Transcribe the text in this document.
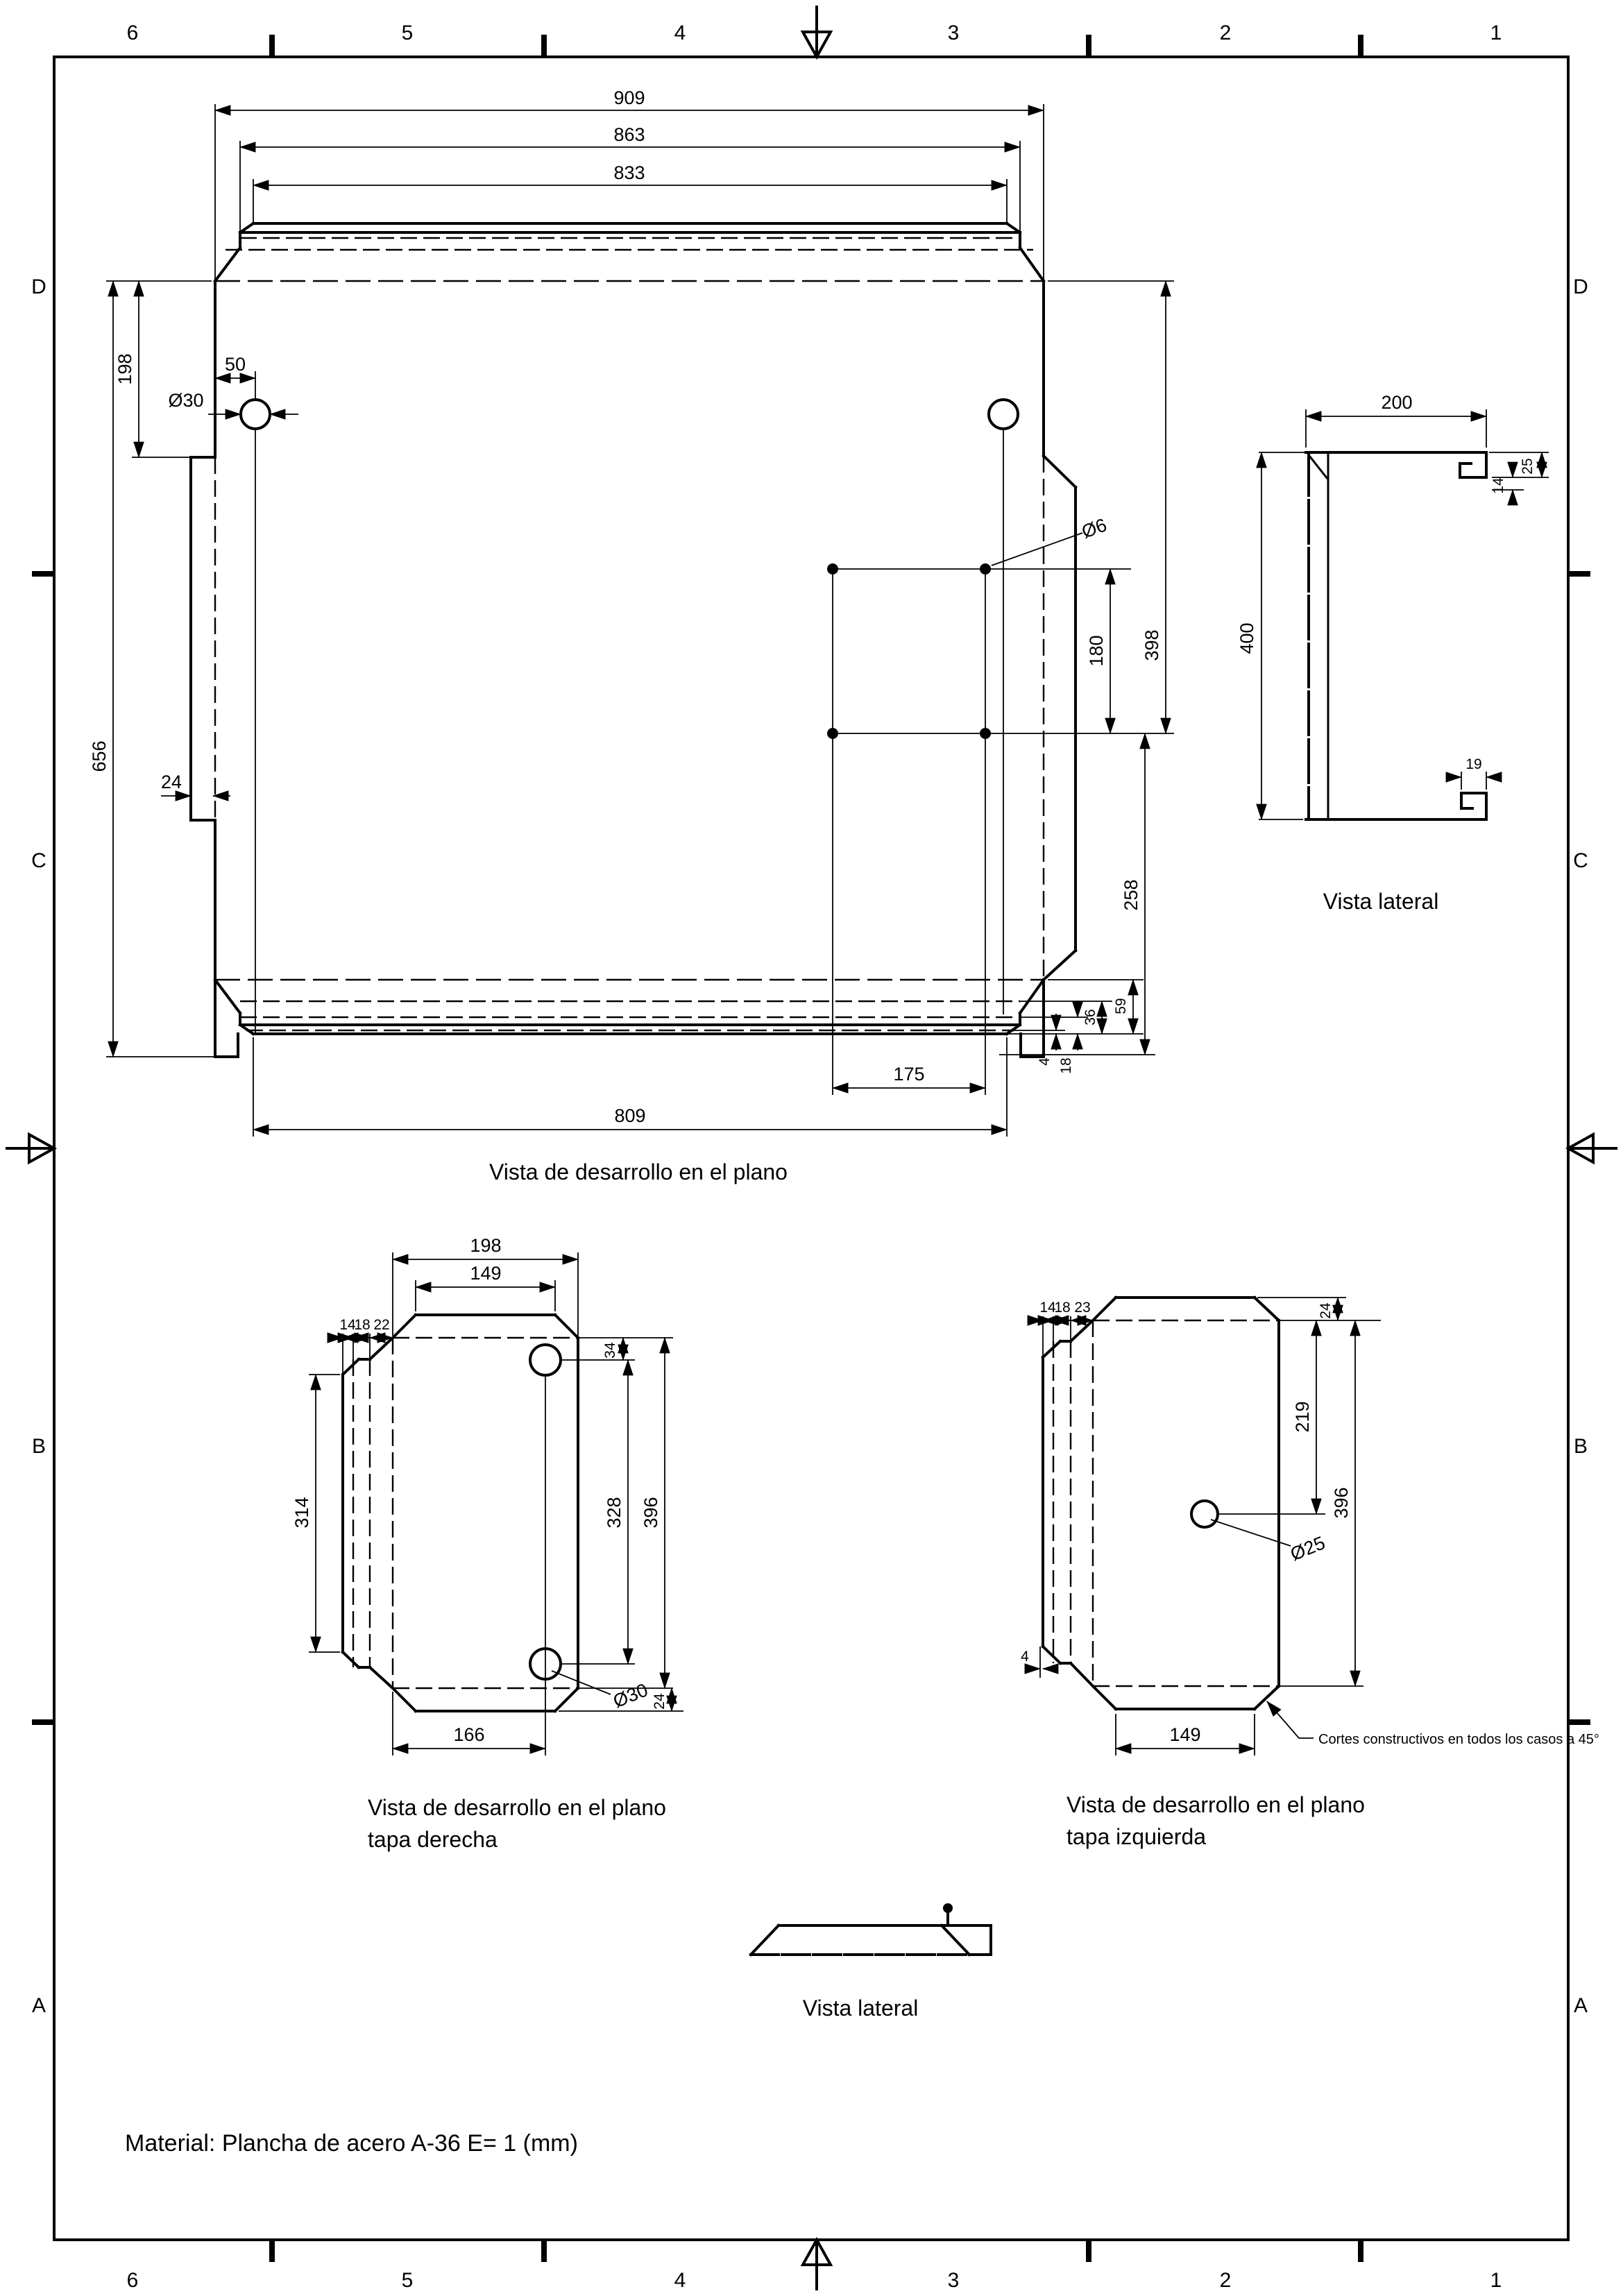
6	5	4	3	2	1
6	5	4	3	2	1
D
C
B
A
D
C
B
A
909
863
833
198
656
50
Ø30
24
Ø6
180 398
258
4 18
36
59
175
809
Vista de desarrollo en el plano
200
400
25
14
19
Vista lateral
198
149
14
18 22
34
314	328 396
Ø30 24
166
Vista de desarrollo en el plano
tapa derecha
14
18 23	24
219
396
Ø25
4
149	Cortes constructivos en todos los casos a 45°
Vista de desarrollo en el plano
tapa izquierda
Vista lateral
Material: Plancha de acero A-36 E= 1 (mm)
